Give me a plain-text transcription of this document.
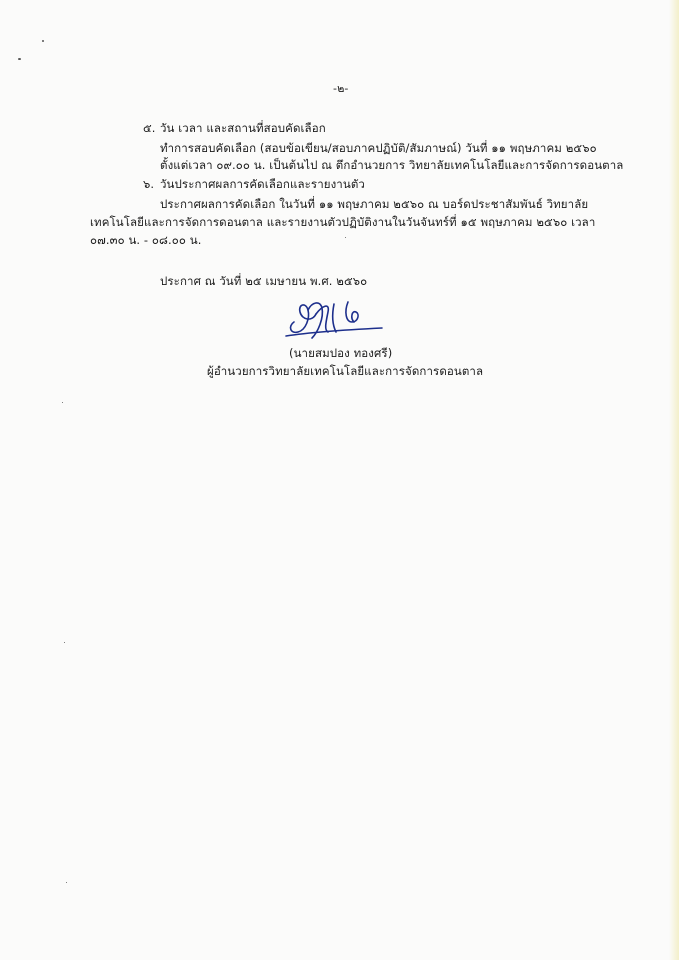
-๒-
๕. วัน เวลา และสถานที่สอบคัดเลือก
ทำการสอบคัดเลือก (สอบข้อเขียน/สอบภาคปฏิบัติ/สัมภาษณ์) วันที่ ๑๑ พฤษภาคม ๒๕๖๐
ตั้งแต่เวลา ๐๙.๐๐ น. เป็นต้นไป ณ ตึกอำนวยการ วิทยาลัยเทคโนโลยีและการจัดการดอนตาล
๖. วันประกาศผลการคัดเลือกและรายงานตัว
ประกาศผลการคัดเลือก ในวันที่ ๑๑ พฤษภาคม ๒๕๖๐ ณ บอร์ดประชาสัมพันธ์ วิทยาลัย
เทคโนโลยีและการจัดการดอนตาล และรายงานตัวปฏิบัติงานในวันจันทร์ที่ ๑๕ พฤษภาคม ๒๕๖๐ เวลา
๐๗.๓๐ น. - ๐๘.๐๐ น.
ประกาศ ณ วันที่ ๒๕ เมษายน พ.ศ. ๒๕๖๐
(นายสมปอง ทองศรี)
ผู้อำนวยการวิทยาลัยเทคโนโลยีและการจัดการดอนตาล
